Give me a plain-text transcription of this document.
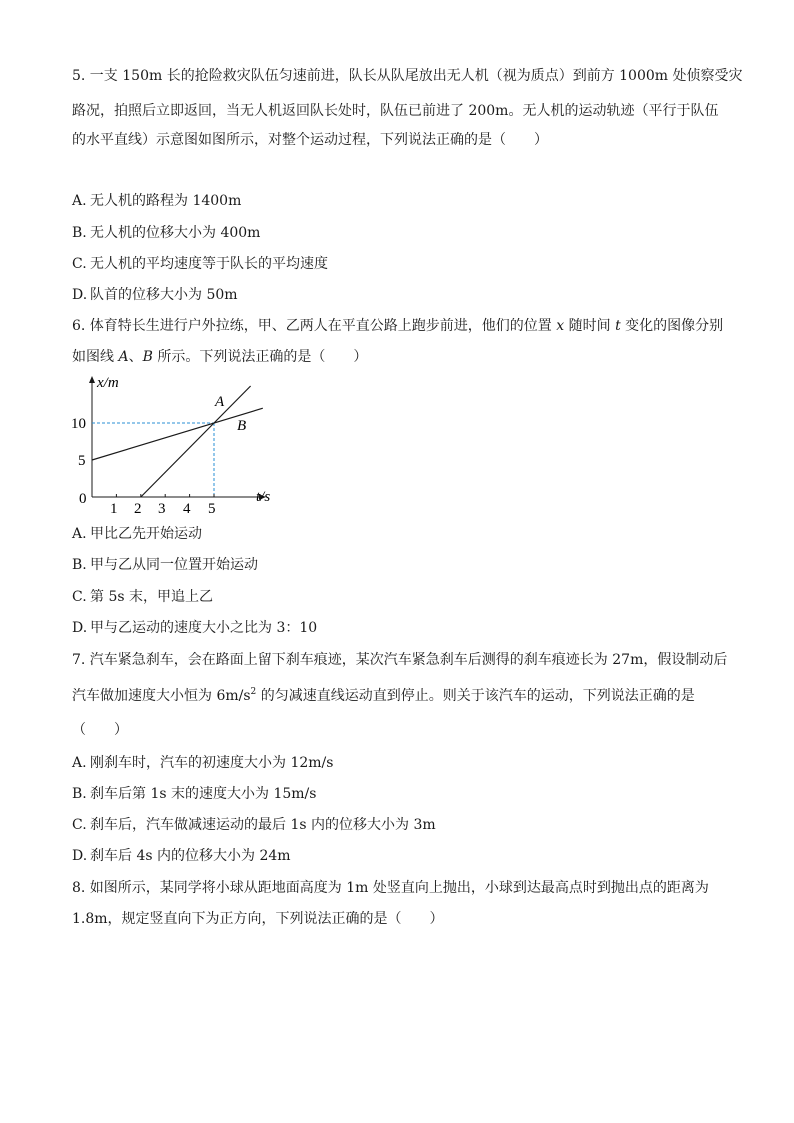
5. 一支 150m 长的抢险救灾队伍匀速前进，队长从队尾放出无人机（视为质点）到前方 1000m 处侦察受灾
路况，拍照后立即返回，当无人机返回队长处时，队伍已前进了 200m。无人机的运动轨迹（平行于队伍
的水平直线）示意图如图所示，对整个运动过程，下列说法正确的是（　　）
A. 无人机的路程为 1400m
B. 无人机的位移大小为 400m
C. 无人机的平均速度等于队长的平均速度
D. 队首的位移大小为 50m
6. 体育特长生进行户外拉练，甲、乙两人在平直公路上跑步前进，他们的位置 x 随时间 t 变化的图像分别
如图线 A、B 所示。下列说法正确的是（　　）
x/m
t/s
0
5
10
1 2 3 4 5
A
B
A. 甲比乙先开始运动
B. 甲与乙从同一位置开始运动
C. 第 5s 末，甲追上乙
D. 甲与乙运动的速度大小之比为 3：10
7. 汽车紧急刹车，会在路面上留下刹车痕迹，某次汽车紧急刹车后测得的刹车痕迹长为 27m，假设制动后
汽车做加速度大小恒为 $6m/s^2$ 的匀减速直线运动直到停止。则关于该汽车的运动，下列说法正确的是
（　　）
A. 刚刹车时，汽车的初速度大小为 12m/s
B. 刹车后第 1s 末的速度大小为 15m/s
C. 刹车后，汽车做减速运动的最后 1s 内的位移大小为 3m
D. 刹车后 4s 内的位移大小为 24m
8. 如图所示，某同学将小球从距地面高度为 1m 处竖直向上抛出，小球到达最高点时到抛出点的距离为
1.8m，规定竖直向下为正方向，下列说法正确的是（　　）
